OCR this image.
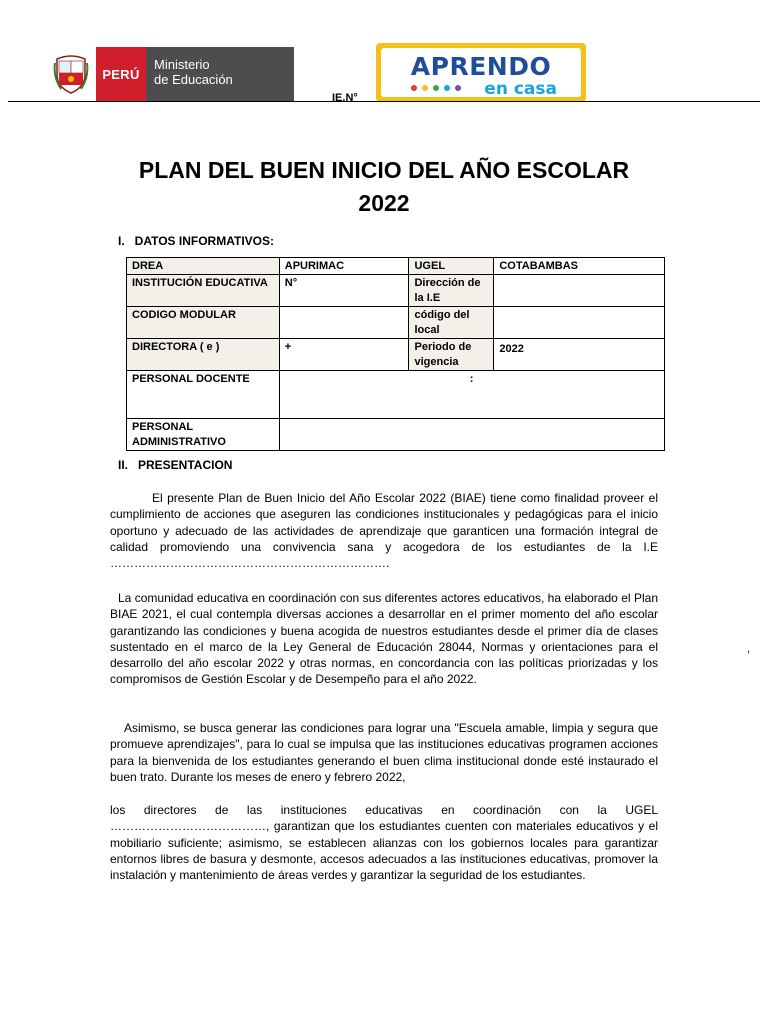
PERÚ
Ministerio
de Educación
IE.N°
APRENDO
en casa
PLAN DEL BUEN INICIO DEL AÑO ESCOLAR
2022
I.   DATOS INFORMATIVOS:
DREA	APURIMAC	UGEL	COTABAMBAS
INSTITUCIÓN EDUCATIVA	N°	Dirección de la I.E	
CODIGO MODULAR		código del local	
DIRECTORA ( e )	+	Periodo de vigencia	2022
PERSONAL DOCENTE	:		
PERSONAL ADMINISTRATIVO			
II.   PRESENTACION

El presente Plan de Buen Inicio del Año Escolar 2022 (BIAE) tiene como finalidad proveer el cumplimiento de acciones que aseguren las condiciones institucionales y pedagógicas para el inicio oportuno y adecuado de las actividades de aprendizaje que garanticen una formación integral de calidad promoviendo una convivencia sana y acogedora de los estudiantes de la I.E …………………………………………………………….

La comunidad educativa en coordinación con sus diferentes actores educativos, ha elaborado el Plan BIAE 2021, el cual contempla diversas acciones a desarrollar en el primer momento del año escolar garantizando las condiciones y buena acogida de nuestros estudiantes desde el primer día de clases sustentado en el marco de la Ley General de Educación 28044, Normas y orientaciones para el desarrollo del año escolar 2022 y otras normas, en concordancia con las políticas priorizadas y los compromisos de Gestión Escolar y de Desempeño para el año 2022.

Asimismo, se busca generar las condiciones para lograr una "Escuela amable, limpia y segura que promueve aprendizajes", para lo cual se impulsa que las instituciones educativas programen acciones para la bienvenida de los estudiantes generando el buen clima institucional donde esté instaurado el buen trato. Durante los meses de enero y febrero 2022,

los directores de las instituciones educativas en coordinación con la UGEL …………………………………, garantizan que los estudiantes cuenten con materiales educativos y el mobiliario suficiente; asimismo, se establecen alianzas con los gobiernos locales para garantizar entornos libres de basura y desmonte, accesos adecuados a las instituciones educativas, promover la instalación y mantenimiento de áreas verdes y garantizar la seguridad de los estudiantes.

,
